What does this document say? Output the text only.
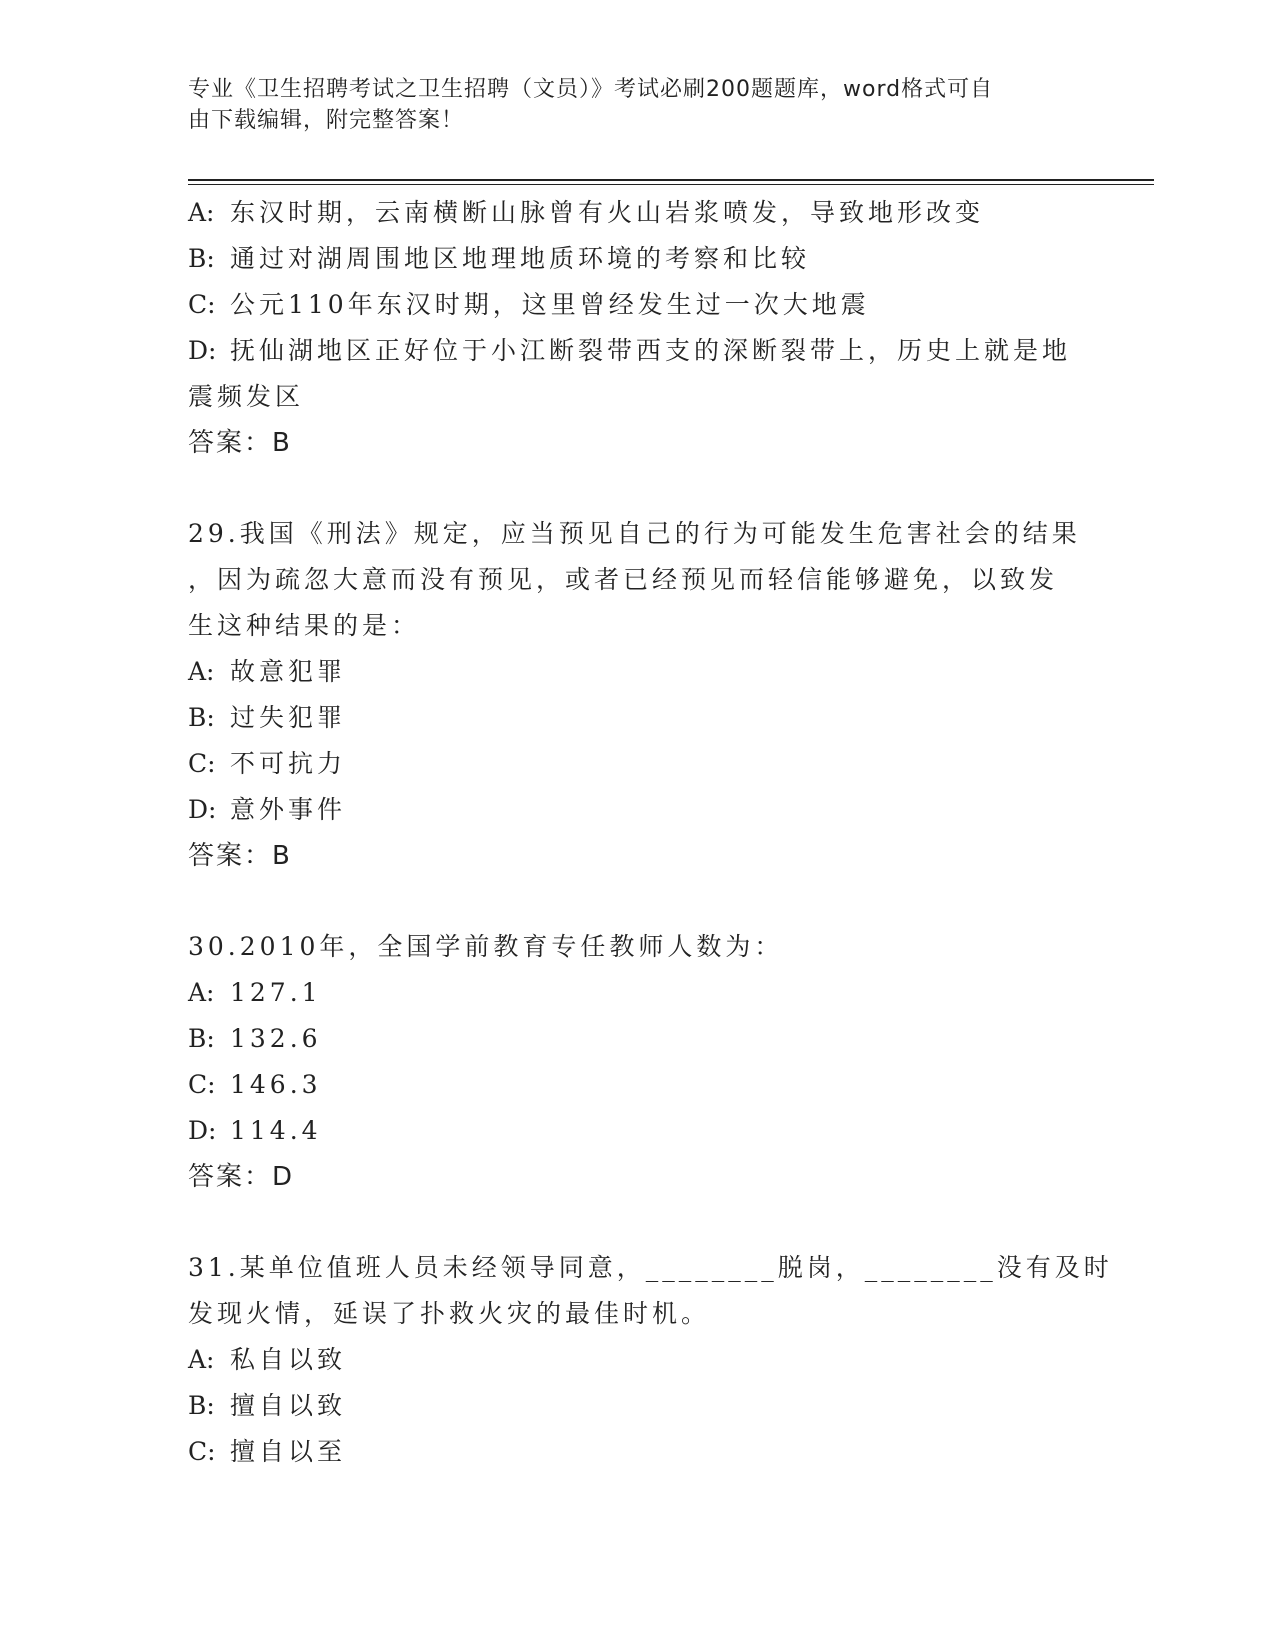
专业《卫生招聘考试之卫生招聘（文员）》考试必刷200题题库，word格式可自
由下载编辑，附完整答案！
A: 东汉时期，云南横断山脉曾有火山岩浆喷发，导致地形改变
B: 通过对湖周围地区地理地质环境的考察和比较
C: 公元110年东汉时期，这里曾经发生过一次大地震
D: 抚仙湖地区正好位于小江断裂带西支的深断裂带上，历史上就是地
震频发区
答案：B
29.我国《刑法》规定，应当预见自己的行为可能发生危害社会的结果
，因为疏忽大意而没有预见，或者已经预见而轻信能够避免，以致发
生这种结果的是：
A: 故意犯罪
B: 过失犯罪
C: 不可抗力
D: 意外事件
答案：B
30.2010年，全国学前教育专任教师人数为：
A: 127.1
B: 132.6
C: 146.3
D: 114.4
答案：D
31.某单位值班人员未经领导同意，________脱岗，________没有及时
发现火情，延误了扑救火灾的最佳时机。
A: 私自以致
B: 擅自以致
C: 擅自以至
